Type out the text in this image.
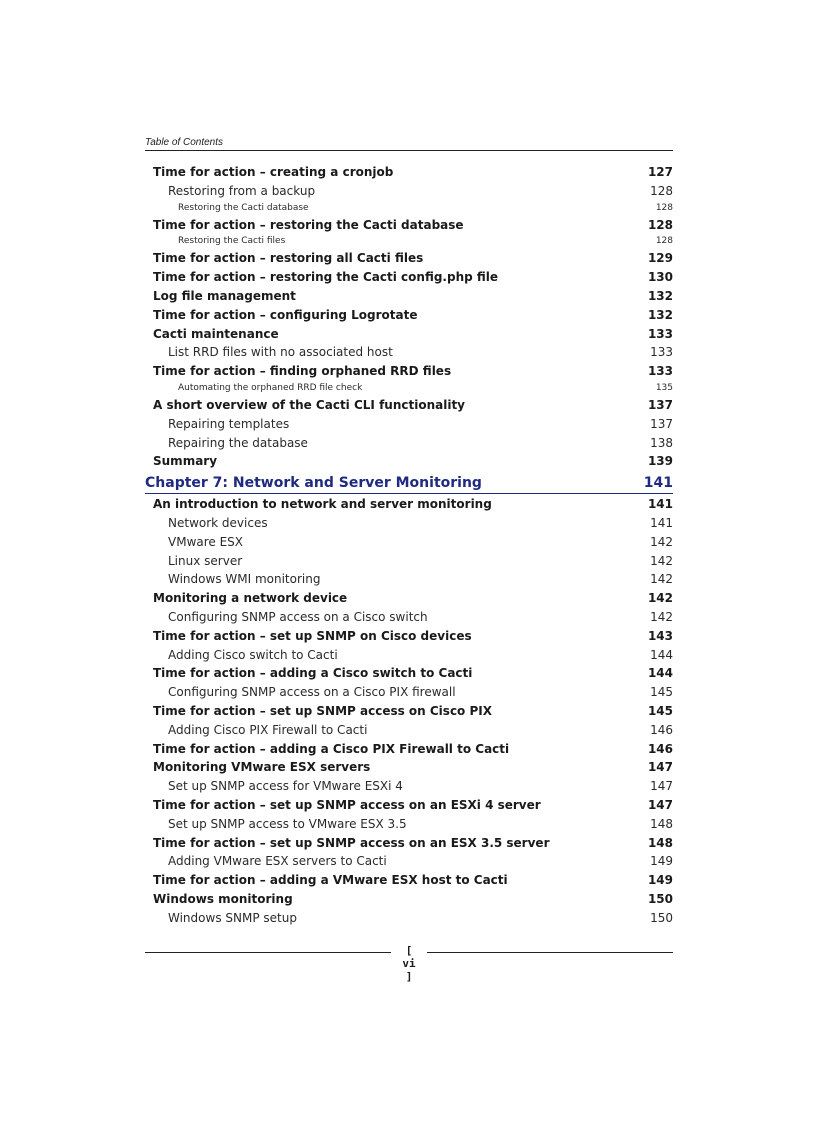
Table of Contents
Time for action – creating a cronjob	127
Restoring from a backup	128
Restoring the Cacti database	128
Time for action – restoring the Cacti database	128
Restoring the Cacti files	128
Time for action – restoring all Cacti files	129
Time for action – restoring the Cacti config.php file	130
Log file management	132
Time for action – configuring Logrotate	132
Cacti maintenance	133
List RRD files with no associated host	133
Time for action – finding orphaned RRD files	133
Automating the orphaned RRD file check	135
A short overview of the Cacti CLI functionality	137
Repairing templates	137
Repairing the database	138
Summary	139
Chapter 7: Network and Server Monitoring	141
An introduction to network and server monitoring	141
Network devices	141
VMware ESX	142
Linux server	142
Windows WMI monitoring	142
Monitoring a network device	142
Configuring SNMP access on a Cisco switch	142
Time for action – set up SNMP on Cisco devices	143
Adding Cisco switch to Cacti	144
Time for action – adding a Cisco switch to Cacti	144
Configuring SNMP access on a Cisco PIX firewall	145
Time for action – set up SNMP access on Cisco PIX	145
Adding Cisco PIX Firewall to Cacti	146
Time for action – adding a Cisco PIX Firewall to Cacti	146
Monitoring VMware ESX servers	147
Set up SNMP access for VMware ESXi 4	147
Time for action – set up SNMP access on an ESXi 4 server	147
Set up SNMP access to VMware ESX 3.5	148
Time for action – set up SNMP access on an ESX 3.5 server	148
Adding VMware ESX servers to Cacti	149
Time for action – adding a VMware ESX host to Cacti	149
Windows monitoring	150
Windows SNMP setup	150
[ vi ]
